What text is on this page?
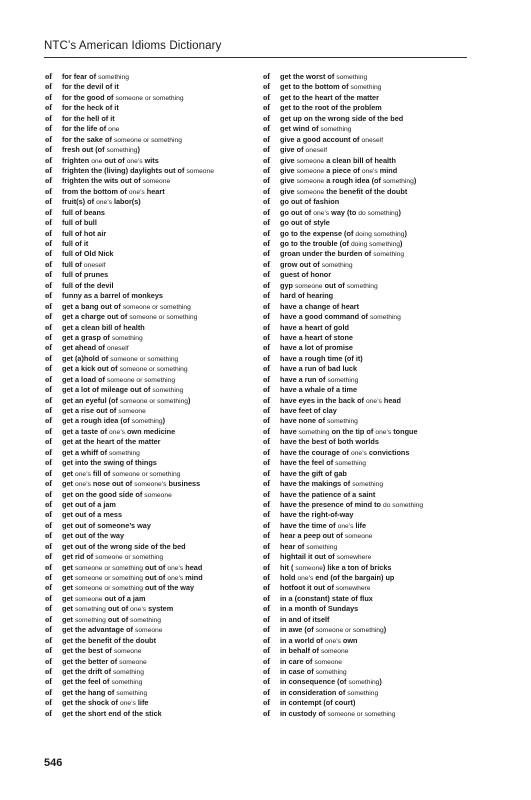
NTC’s American Idioms Dictionary
of for fear of something
of for the devil of it
of for the good of someone or something
of for the heck of it
of for the hell of it
of for the life of one
of for the sake of someone or something
of fresh out (of something)
of frighten one out of one’s wits
of frighten the (living) daylights out of someone
of frighten the wits out of someone
of from the bottom of one’s heart
of fruit(s) of one’s labor(s)
of full of beans
of full of bull
of full of hot air
of full of it
of full of Old Nick
of full of oneself
of full of prunes
of full of the devil
of funny as a barrel of monkeys
of get a bang out of someone or something
of get a charge out of someone or something
of get a clean bill of health
of get a grasp of something
of get ahead of oneself
of get (a)hold of someone or something
of get a kick out of someone or something
of get a load of someone or something
of get a lot of mileage out of something
of get an eyeful (of someone or something)
of get a rise out of someone
of get a rough idea (of something)
of get a taste of one’s own medicine
of get at the heart of the matter
of get a whiff of something
of get into the swing of things
of get one’s fill of someone or something
of get one’s nose out of someone’s business
of get on the good side of someone
of get out of a jam
of get out of a mess
of get out of someone’s way
of get out of the way
of get out of the wrong side of the bed
of get rid of someone or something
of get someone or something out of one’s head
of get someone or something out of one’s mind
of get someone or something out of the way
of get someone out of a jam
of get something out of one’s system
of get something out of something
of get the advantage of someone
of get the benefit of the doubt
of get the best of someone
of get the better of someone
of get the drift of something
of get the feel of something
of get the hang of something
of get the shock of one’s life
of get the short end of the stick
of get the worst of something
of get to the bottom of something
of get to the heart of the matter
of get to the root of the problem
of get up on the wrong side of the bed
of get wind of something
of give a good account of oneself
of give of oneself
of give someone a clean bill of health
of give someone a piece of one’s mind
of give someone a rough idea (of something)
of give someone the benefit of the doubt
of go out of fashion
of go out of one’s way (to do something)
of go out of style
of go to the expense (of doing something)
of go to the trouble (of doing something)
of groan under the burden of something
of grow out of something
of guest of honor
of gyp someone out of something
of hard of hearing
of have a change of heart
of have a good command of something
of have a heart of gold
of have a heart of stone
of have a lot of promise
of have a rough time (of it)
of have a run of bad luck
of have a run of something
of have a whale of a time
of have eyes in the back of one’s head
of have feet of clay
of have none of something
of have something on the tip of one’s tongue
of have the best of both worlds
of have the courage of one’s convictions
of have the feel of something
of have the gift of gab
of have the makings of something
of have the patience of a saint
of have the presence of mind to do something
of have the right-of-way
of have the time of one’s life
of hear a peep out of someone
of hear of something
of hightail it out of somewhere
of hit ( someone) like a ton of bricks
of hold one’s end (of the bargain) up
of hotfoot it out of somewhere
of in a (constant) state of flux
of in a month of Sundays
of in and of itself
of in awe (of someone or something)
of in a world of one’s own
of in behalf of someone
of in care of someone
of in case of something
of in consequence (of something)
of in consideration of something
of in contempt (of court)
of in custody of someone or something
546
